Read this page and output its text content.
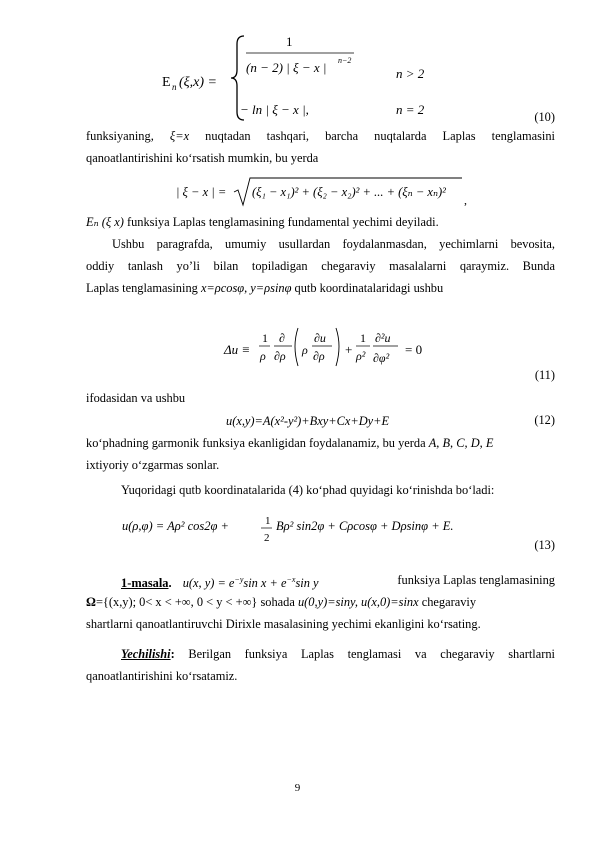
E n (ξ,x) =
1
(n − 2) | ξ − x | n−2
n > 2
− ln | ξ − x |,	n = 2	(10)
funksiyaning, ξ=x nuqtadan tashqari, barcha nuqtalarda Laplas tenglamasini
qanoatlantirishini ko‘rsatish mumkin, bu yerda
| ξ − x | = (ξ₁ − x₁)² + (ξ₂ − x₂)² + ... + (ξₙ − xₙ)²
,
Eₙ (ξ x) funksiya Laplas tenglamasining fundamental yechimi deyiladi.
Ushbu paragrafda, umumiy usullardan foydalanmasdan, yechimlarni bevosita,
oddiy tanlash yo’li bilan topiladigan chegaraviy masalalarni qaraymiz. Bunda
Laplas tenglamasining x=ρcosφ, y=ρsinφ qutb koordinatalaridagi ushbu
Δu ≡
1
ρ
∂
∂ρ ρ
∂u
∂ρ +
1
ρ²
∂²u
∂φ²
= 0
(11)
ifodasidan va ushbu
u(x,y)=A(x²-y²)+Bxy+Cx+Dy+E	(12)
ko‘phadning garmonik funksiya ekanligidan foydalanamiz, bu yerda A, B, C, D, E
ixtiyoriy o‘zgarmas sonlar.
Yuqoridagi qutb koordinatalarida (4) ko‘phad quyidagi ko‘rinishda bo‘ladi:
u(ρ,φ) = Aρ² cos2φ +	1
2
Bρ² sin2φ + Cρcosφ + Dρsinφ + E.
(13)
1-masala. u(x, $y) = e^{-y}\sin$ $x + e^{-x}\sin$ y	funksiya Laplas tenglamasining
Ω={(x,y); 0< x < +∞, 0 < y < +∞} sohada u(0,y)=siny, u(x,0)=sinx chegaraviy
shartlarni qanoatlantiruvchi Dirixle masalasining yechimi ekanligini ko‘rsating.
Yechilishi: Berilgan funksiya Laplas tenglamasi va chegaraviy shartlarni
qanoatlantirishini ko‘rsatamiz.
9
